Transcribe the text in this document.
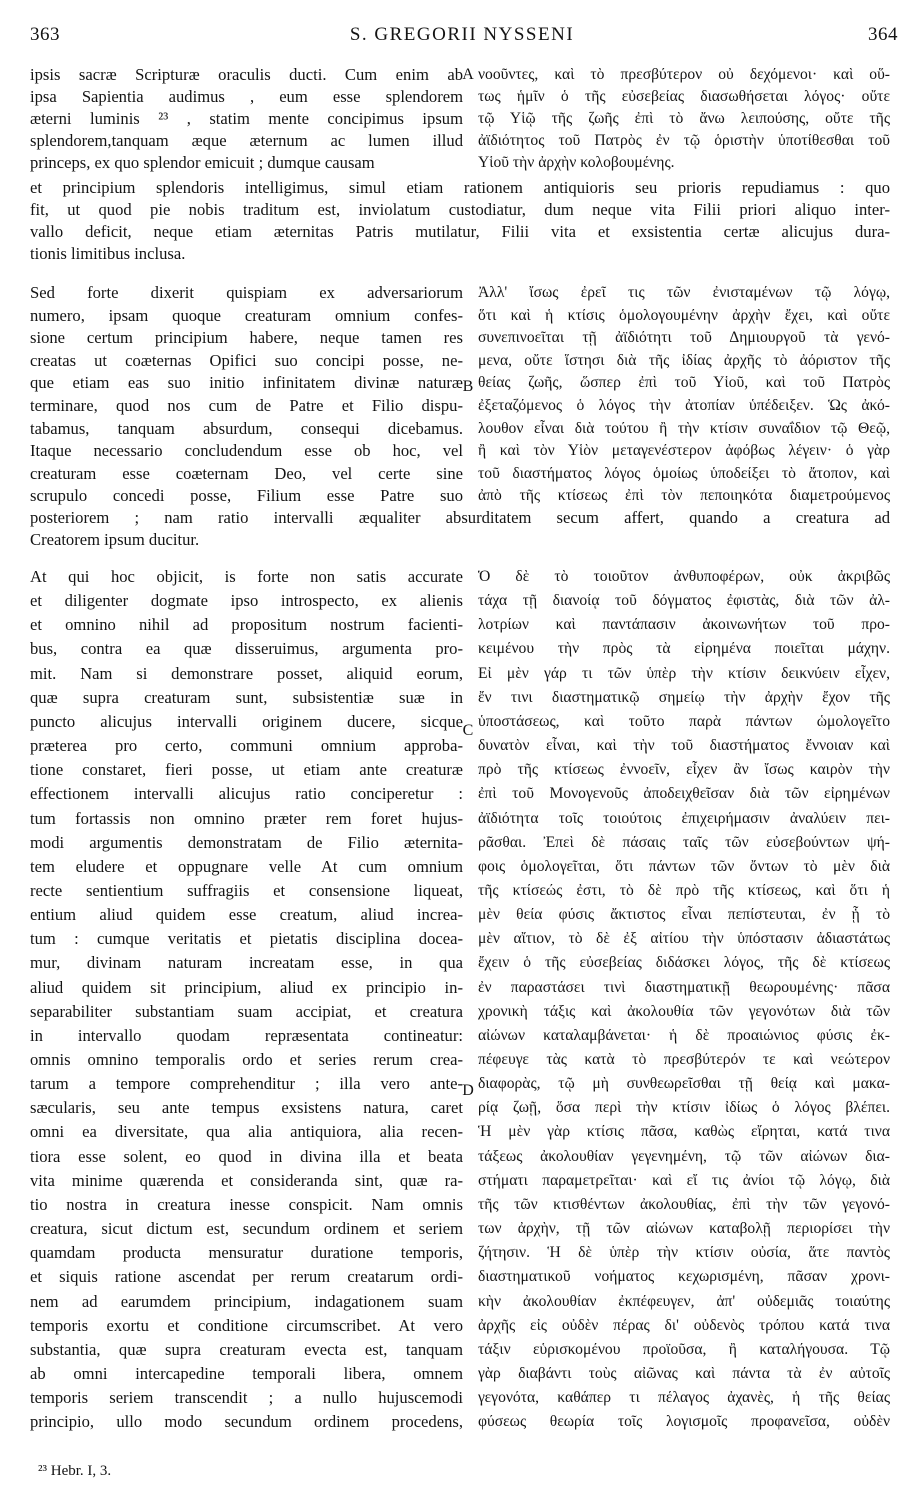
363	S. GREGORII NYSSENI	364
ipsis sacræ Scripturæ oraculis ducti. Cum enim ab
ipsa Sapientia audimus , eum esse splendorem
æterni luminis ²³ , statim mente concipimus ipsum
splendorem,tanquam æque æternum ac lumen illud
princeps, ex quo splendor emicuit ; dumque causam
νοοῦντες, καὶ τὸ πρεσβύτερον οὐ δεχόμενοι· καὶ οὕ-
τως ἡμῖν ὁ τῆς εὐσεβείας διασωθήσεται λόγος· οὔτε
τῷ Υἱῷ τῆς ζωῆς ἐπὶ τὸ ἄνω λειπούσης, οὔτε τῆς
ἀϊδιότητος τοῦ Πατρὸς ἐν τῷ ὁριστὴν ὑποτίθεσθαι τοῦ
Υἱοῦ τὴν ἀρχὴν κολοβουμένης.
et principium splendoris intelligimus, simul etiam rationem antiquioris seu prioris repudiamus : quo
fit, ut quod pie nobis traditum est, inviolatum custodiatur, dum neque vita Filii priori aliquo inter-
vallo deficit, neque etiam æternitas Patris mutilatur, Filii vita et exsistentia certæ alicujus dura-
tionis limitibus inclusa.
Sed forte dixerit quispiam ex adversariorum
numero, ipsam quoque creaturam omnium confes-
sione certum principium habere, neque tamen res
creatas ut coæternas Opifici suo concipi posse, ne-
que etiam eas suo initio infinitatem divinæ naturæ
terminare, quod nos cum de Patre et Filio dispu-
tabamus, tanquam absurdum, consequi dicebamus.
Itaque necessario concludendum esse ob hoc, vel
creaturam esse coæternam Deo, vel certe sine
scrupulo concedi posse, Filium esse Patre suo
Ἀλλ' ἴσως ἐρεῖ τις τῶν ἐνισταμένων τῷ λόγῳ,
ὅτι καὶ ἡ κτίσις ὁμολογουμένην ἀρχὴν ἔχει, καὶ οὔτε
συνεπινοεῖται τῇ ἀϊδιότητι τοῦ Δημιουργοῦ τὰ γενό-
μενα, οὔτε ἵστησι διὰ τῆς ἰδίας ἀρχῆς τὸ ἀόριστον τῆς
θείας ζωῆς, ὥσπερ ἐπὶ τοῦ Υἱοῦ, καὶ τοῦ Πατρὸς
ἐξεταζόμενος ὁ λόγος τὴν ἀτοπίαν ὑπέδειξεν. Ὡς ἀκό-
λουθον εἶναι διὰ τούτου ἢ τὴν κτίσιν συναΐδιον τῷ Θεῷ,
ἢ καὶ τὸν Υἱὸν μεταγενέστερον ἀφόβως λέγειν· ὁ γὰρ
τοῦ διαστήματος λόγος ὁμοίως ὑποδείξει τὸ ἄτοπον, καὶ
ἀπὸ τῆς κτίσεως ἐπὶ τὸν πεποιηκότα διαμετρούμενος
posteriorem ; nam ratio intervalli æqualiter absurditatem secum affert, quando a creatura ad
Creatorem ipsum ducitur.
At qui hoc objicit, is forte non satis accurate
et diligenter dogmate ipso introspecto, ex alienis
et omnino nihil ad propositum nostrum facienti-
bus, contra ea quæ disseruimus, argumenta pro-
mit. Nam si demonstrare posset, aliquid eorum,
quæ supra creaturam sunt, subsistentiæ suæ in
puncto alicujus intervalli originem ducere, sicque
præterea pro certo, communi omnium approba-
tione constaret, fieri posse, ut etiam ante creaturæ
effectionem intervalli alicujus ratio conciperetur :
tum fortassis non omnino præter rem foret hujus-
modi argumentis demonstratam de Filio æternita-
tem eludere et oppugnare velle At cum omnium
recte sentientium suffragiis et consensione liqueat,
entium aliud quidem esse creatum, aliud increa-
tum : cumque veritatis et pietatis disciplina doceа-
mur, divinam naturam increatam esse, in qua
aliud quidem sit principium, aliud ex principio in-
separabiliter substantiam suam accipiat, et creatura
in intervallo quodam repræsentata contineatur:
omnis omnino temporalis ordo et series rerum crea-
tarum a tempore comprehenditur ; illa vero ante-
sæcularis, seu ante tempus exsistens natura, caret
omni ea diversitate, qua alia antiquiora, alia recen-
tiora esse solent, eo quod in divina illa et beata
vita minime quærenda et consideranda sint, quæ ra-
tio nostra in creatura inesse conspicit. Nam omnis
creatura, sicut dictum est, secundum ordinem et seriem
quamdam producta mensuratur duratione temporis,
et siquis ratione ascendat per rerum creatarum ordi-
nem ad earumdem principium, indagationem suam
temporis exortu et conditione circumscribet. At vero
substantia, quæ supra creaturam evecta est, tanquam
ab omni intercapedine temporali libera, omnem
temporis seriem transcendit ; a nullo hujuscemodi
principio, ullo modo secundum ordinem procedens,
Ὁ δὲ τὸ τοιοῦτον ἀνθυποφέρων, οὐκ ἀκριβῶς
τάχα τῇ διανοίᾳ τοῦ δόγματος ἐφιστὰς, διὰ τῶν ἀλ-
λοτρίων καὶ παντάπασιν ἀκοινωνήτων τοῦ προ-
κειμένου τὴν πρὸς τὰ εἰρημένα ποιεῖται μάχην.
Εἰ μὲν γάρ τι τῶν ὑπὲρ τὴν κτίσιν δεικνύειν εἶχεν,
ἔν τινι διαστηματικῷ σημείῳ τὴν ἀρχὴν ἔχον τῆς
ὑποστάσεως, καὶ τοῦτο παρὰ πάντων ὡμολογεῖτο
δυνατὸν εἶναι, καὶ τὴν τοῦ διαστήματος ἔννοιαν καὶ
πρὸ τῆς κτίσεως ἐννοεῖν, εἶχεν ἂν ἴσως καιρὸν τὴν
ἐπὶ τοῦ Μονογενοῦς ἀποδειχθεῖσαν διὰ τῶν εἰρημένων
ἀϊδιότητα τοῖς τοιούτοις ἐπιχειρήμασιν ἀναλύειν πει-
ρᾶσθαι. Ἐπεὶ δὲ πάσαις ταῖς τῶν εὐσεβούντων ψή-
φοις ὁμολογεῖται, ὅτι πάντων τῶν ὄντων τὸ μὲν διὰ
τῆς κτίσεώς ἐστι, τὸ δὲ πρὸ τῆς κτίσεως, καὶ ὅτι ἡ
μὲν θεία φύσις ἄκτιστος εἶναι πεπίστευται, ἐν ᾗ τὸ
μὲν αἴτιον, τὸ δὲ ἐξ αἰτίου τὴν ὑπόστασιν ἀδιαστάτως
ἔχειν ὁ τῆς εὐσεβείας διδάσκει λόγος, τῆς δὲ κτίσεως
ἐν παραστάσει τινὶ διαστηματικῇ θεωρουμένης· πᾶσα
χρονικὴ τάξις καὶ ἀκολουθία τῶν γεγονότων διὰ τῶν
αἰώνων καταλαμβάνεται· ἡ δὲ προαιώνιος φύσις ἐκ-
πέφευγε τὰς κατὰ τὸ πρεσβύτερόν τε καὶ νεώτερον
διαφορὰς, τῷ μὴ συνθεωρεῖσθαι τῇ θείᾳ καὶ μακα-
ρίᾳ ζωῇ, ὅσα περὶ τὴν κτίσιν ἰδίως ὁ λόγος βλέπει.
Ἡ μὲν γὰρ κτίσις πᾶσα, καθὼς εἴρηται, κατά τινα
τάξεως ἀκολουθίαν γεγενημένη, τῷ τῶν αἰώνων δια-
στήματι παραμετρεῖται· καὶ εἴ τις ἀνίοι τῷ λόγῳ, διὰ
τῆς τῶν κτισθέντων ἀκολουθίας, ἐπὶ τὴν τῶν γεγονό-
των ἀρχὴν, τῇ τῶν αἰώνων καταβολῇ περιορίσει τὴν
ζήτησιν. Ἡ δὲ ὑπὲρ τὴν κτίσιν οὐσία, ἅτε παντὸς
διαστηματικοῦ νοήματος κεχωρισμένη, πᾶσαν χρονι-
κὴν ἀκολουθίαν ἐκπέφευγεν, ἀπ' οὐδεμιᾶς τοιαύτης
ἀρχῆς εἰς οὐδὲν πέρας δι' οὐδενὸς τρόπου κατά τινα
τάξιν εὑρισκομένου προϊοῦσα, ἢ καταλήγουσα. Τῷ
γὰρ διαβάντι τοὺς αἰῶνας καὶ πάντα τὰ ἐν αὐτοῖς
γεγονότα, καθάπερ τι πέλαγος ἀχανὲς, ἡ τῆς θείας
φύσεως θεωρία τοῖς λογισμοῖς προφανεῖσα, οὐδὲν
A
B
C
D
²³ Hebr. I, 3.
